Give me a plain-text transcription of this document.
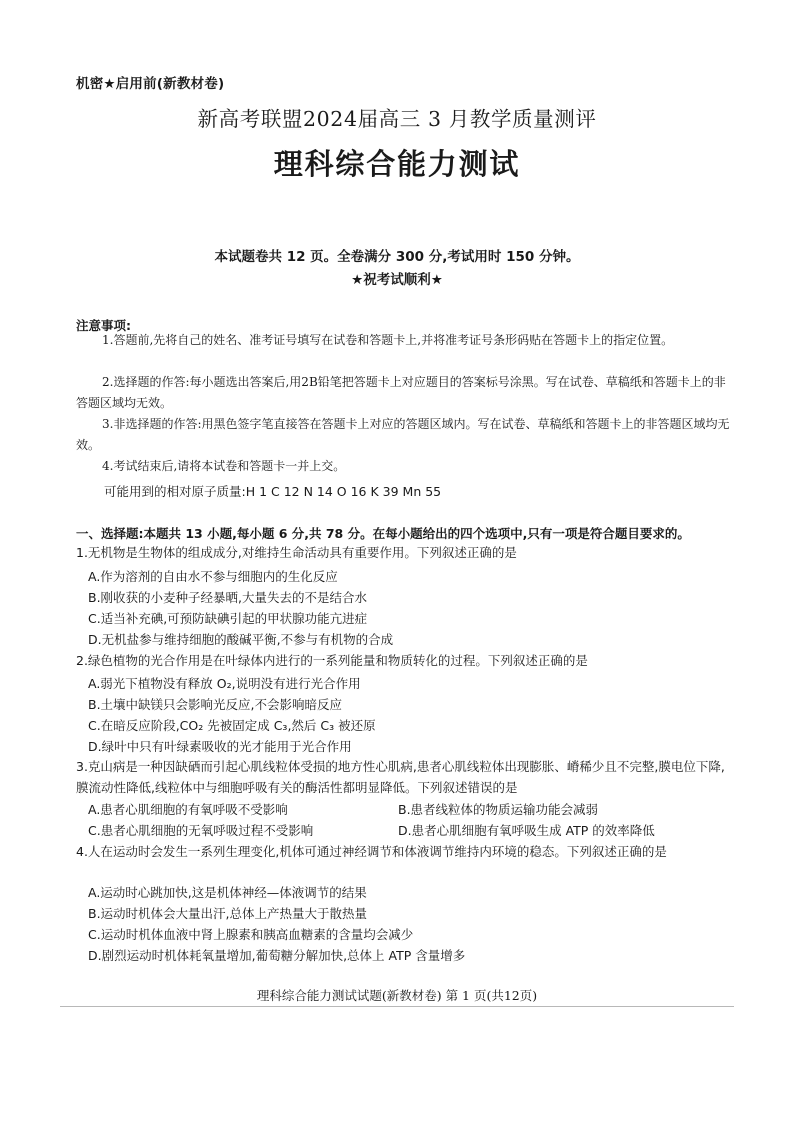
机密★启用前(新教材卷)
新高考联盟2024届高三 3 月教学质量测评
理科综合能力测试
本试题卷共 12 页。全卷满分 300 分,考试用时 150 分钟。
★祝考试顺利★
注意事项:
1.答题前,先将自己的姓名、准考证号填写在试卷和答题卡上,并将准考证号条形码贴在答题卡上的指定位置。
2.选择题的作答:每小题选出答案后,用2B铅笔把答题卡上对应题目的答案标号涂黑。写在试卷、草稿纸和答题卡上的非答题区域均无效。
3.非选择题的作答:用黑色签字笔直接答在答题卡上对应的答题区域内。写在试卷、草稿纸和答题卡上的非答题区域均无效。
4.考试结束后,请将本试卷和答题卡一并上交。
可能用到的相对原子质量:H 1 C 12 N 14 O 16 K 39 Mn 55
一、选择题:本题共 13 小题,每小题 6 分,共 78 分。在每小题给出的四个选项中,只有一项是符合题目要求的。
1.无机物是生物体的组成成分,对维持生命活动具有重要作用。下列叙述正确的是
A.作为溶剂的自由水不参与细胞内的生化反应
B.刚收获的小麦种子经暴晒,大量失去的不是结合水
C.适当补充碘,可预防缺碘引起的甲状腺功能亢进症
D.无机盐参与维持细胞的酸碱平衡,不参与有机物的合成
2.绿色植物的光合作用是在叶绿体内进行的一系列能量和物质转化的过程。下列叙述正确的是
A.弱光下植物没有释放 O₂,说明没有进行光合作用
B.土壤中缺镁只会影响光反应,不会影响暗反应
C.在暗反应阶段,CO₂ 先被固定成 C₃,然后 C₃ 被还原
D.绿叶中只有叶绿素吸收的光才能用于光合作用
3.克山病是一种因缺硒而引起心肌线粒体受损的地方性心肌病,患者心肌线粒体出现膨胀、嵴稀少且不完整,膜电位下降,膜流动性降低,线粒体中与细胞呼吸有关的酶活性都明显降低。下列叙述错误的是
A.患者心肌细胞的有氧呼吸不受影响	B.患者线粒体的物质运输功能会减弱
C.患者心肌细胞的无氧呼吸过程不受影响	D.患者心肌细胞有氧呼吸生成 ATP 的效率降低
4.人在运动时会发生一系列生理变化,机体可通过神经调节和体液调节维持内环境的稳态。下列叙述正确的是
A.运动时心跳加快,这是机体神经—体液调节的结果
B.运动时机体会大量出汗,总体上产热量大于散热量
C.运动时机体血液中肾上腺素和胰高血糖素的含量均会减少
D.剧烈运动时机体耗氧量增加,葡萄糖分解加快,总体上 ATP 含量增多
理科综合能力测试试题(新教材卷) 第 1 页(共12页)
